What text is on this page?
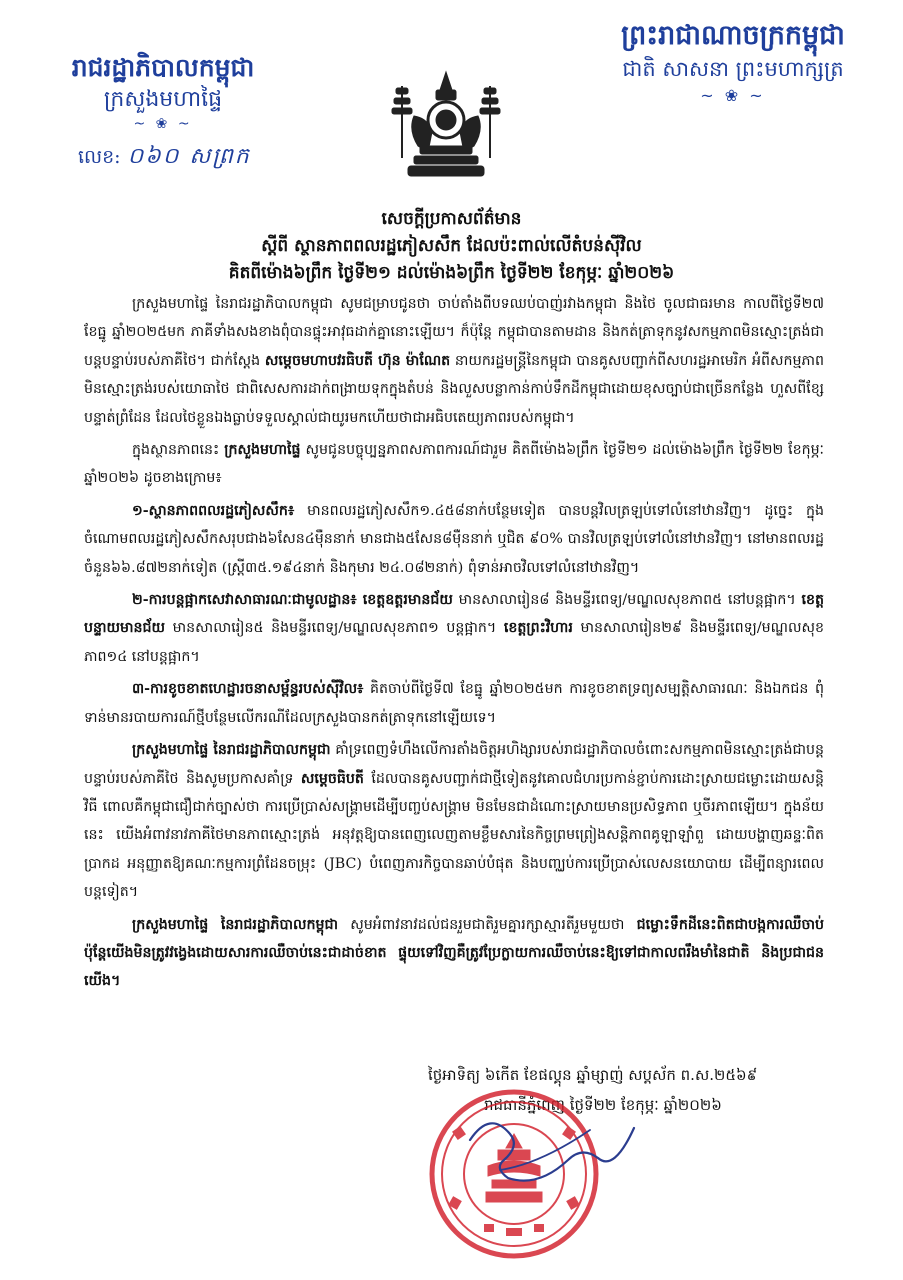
ព្រះរាជាណាចក្រកម្ពុជា
ជាតិ សាសនា ព្រះមហាក្សត្រ
~ ❀ ~
រាជរដ្ឋាភិបាលកម្ពុជា
ក្រសួងមហាផ្ទៃ
~ ❀ ~
លេខ: ០៦០ សព្រក
សេចក្តីប្រកាសព័ត៌មាន
ស្តីពី ស្ថានភាពពលរដ្ឋភៀសសឹក ដែលប៉ះពាល់លើតំបន់ស៊ីវិល
គិតពីម៉ោង៦ព្រឹក ថ្ងៃទី២១ ដល់ម៉ោង៦ព្រឹក ថ្ងៃទី២២ ខែកុម្ភៈ ឆ្នាំ២០២៦

ក្រសួងមហាផ្ទៃ នៃរាជរដ្ឋាភិបាលកម្ពុជា សូមជម្រាបជូនថា ចាប់តាំងពីបទឈប់បាញ់រវាងកម្ពុជា និងថៃ ចូលជាធរមាន កាលពីថ្ងៃទី២៧ ខែធ្នូ ឆ្នាំ២០២៥មក ភាគីទាំងសងខាងពុំបានផ្ទុះអាវុធដាក់គ្នានោះឡើយ។ ក៏ប៉ុន្តែ កម្ពុជាបានតាមដាន និងកត់ត្រាទុកនូវសកម្មភាពមិនស្មោះត្រង់ជាបន្តបន្ទាប់របស់ភាគីថៃ។ ជាក់ស្តែង សម្តេចមហាបវរធិបតី ហ៊ុន ម៉ាណែត នាយករដ្ឋមន្ត្រីនៃកម្ពុជា បានគូសបញ្ជាក់ពីសហរដ្ឋអាមេរិក អំពីសកម្មភាពមិនស្មោះត្រង់របស់យោធាថៃ ជាពិសេសការដាក់ពង្រាយទុកក្នុងតំបន់ និងលួសបន្លាកាន់កាប់ទឹកដីកម្ពុជាដោយខុសច្បាប់ជាច្រើនកន្លែង ហួសពីខ្សែបន្ទាត់ព្រំដែន ដែលថៃខ្លួនឯងធ្លាប់ទទួលស្គាល់ជាយូរមកហើយថាជាអធិបតេយ្យភាពរបស់កម្ពុជា។

ក្នុងស្ថានភាពនេះ ក្រសួងមហាផ្ទៃ សូមជូនបច្ចុប្បន្នភាពសភាពការណ៍ជារួម គិតពីម៉ោង៦ព្រឹក ថ្ងៃទី២១ ដល់ម៉ោង៦ព្រឹក ថ្ងៃទី២២ ខែកុម្ភៈ ឆ្នាំ២០២៦ ដូចខាងក្រោម៖

១-ស្ថានភាពពលរដ្ឋភៀសសឹក៖ មានពលរដ្ឋភៀសសឹក១.៤៥៨នាក់បន្ថែមទៀត បានបន្តវិលត្រឡប់ទៅលំនៅឋានវិញ។ ដូច្នេះ ក្នុងចំណោមពលរដ្ឋភៀសសឹកសរុបជាង៦សែន៤ម៉ឺននាក់ មានជាង៥សែន៨ម៉ឺននាក់ ឬជិត ៩០% បានវិលត្រឡប់ទៅលំនៅឋានវិញ។ នៅមានពលរដ្ឋចំនួន៦៦.៨៧២នាក់ទៀត (ស្ត្រី៣៥.១៩៤នាក់ និងកុមារ ២៤.០៨២នាក់) ពុំទាន់អាចវិលទៅលំនៅឋានវិញ។

២-ការបន្តផ្អាកសេវាសាធារណៈជាមូលដ្ឋាន៖ ខេត្តឧត្តរមានជ័យ មានសាលារៀន៨ និងមន្ទីរពេទ្យ/មណ្ឌលសុខភាព៥ នៅបន្តផ្អាក។ ខេត្តបន្ទាយមានជ័យ មានសាលារៀន៥ និងមន្ទីរពេទ្យ/មណ្ឌលសុខភាព១ បន្តផ្អាក។ ខេត្តព្រះវិហារ មានសាលារៀន២៩ និងមន្ទីរពេទ្យ/មណ្ឌលសុខភាព១៤ នៅបន្តផ្អាក។

៣-ការខូចខាតហេដ្ឋារចនាសម្ព័ន្ធរបស់ស៊ីវិល៖ គិតចាប់ពីថ្ងៃទី៧ ខែធ្នូ ឆ្នាំ២០២៥មក ការខូចខាតទ្រព្យសម្បត្តិសាធារណៈ និងឯកជន ពុំទាន់មានរបាយការណ៍ថ្មីបន្ថែមលើករណីដែលក្រសួងបានកត់ត្រាទុកនៅឡើយទេ។

ក្រសួងមហាផ្ទៃ នៃរាជរដ្ឋាភិបាលកម្ពុជា គាំទ្រពេញទំហឹងលើការតាំងចិត្តអហិង្សារបស់រាជរដ្ឋាភិបាលចំពោះសកម្មភាពមិនស្មោះត្រង់ជាបន្តបន្ទាប់របស់ភាគីថៃ និងសូមប្រកាសគាំទ្រ សម្តេចធិបតី ដែលបានគូសបញ្ជាក់ជាថ្មីទៀតនូវគោលជំហរប្រកាន់ខ្ជាប់ការដោះស្រាយជម្លោះដោយសន្តិវិធី ពោលគឺកម្ពុជាជឿជាក់ច្បាស់ថា ការប្រើប្រាស់សង្គ្រាមដើម្បីបញ្ចប់សង្គ្រាម មិនមែនជាដំណោះស្រាយមានប្រសិទ្ធភាព ឬចីរភាពឡើយ។ ក្នុងន័យនេះ យើងអំពាវនាវភាគីថៃមានភាពស្មោះត្រង់ អនុវត្តឱ្យបានពេញលេញតាមខ្លឹមសារនៃកិច្ចព្រមព្រៀងសន្តិភាពគូឡាឡាំពួ ដោយបង្ហាញឆន្ទៈពិតប្រាកដ អនុញ្ញាតឱ្យគណៈកម្មការព្រំដែនចម្រុះ (JBC) បំពេញភារកិច្ចបានឆាប់បំផុត និងបញ្ឈប់ការប្រើប្រាស់លេសនយោបាយ ដើម្បីពន្យារពេលបន្តទៀត។

ក្រសួងមហាផ្ទៃ នៃរាជរដ្ឋាភិបាលកម្ពុជា សូមអំពាវនាវដល់ជនរួមជាតិរួមគ្នារក្សាស្មារតីរួមមួយថា ជម្លោះទឹកដីនេះពិតជាបង្កការឈឺចាប់ ប៉ុន្តែយើងមិនត្រូវវង្វេងដោយសារការឈឺចាប់នេះជាដាច់ខាត ផ្ទុយទៅវិញគឺត្រូវប្រែក្លាយការឈឺចាប់នេះឱ្យទៅជាកាលពរឹងមាំនៃជាតិ និងប្រជាជនយើង។

ថ្ងៃអាទិត្យ ៦កើត ខែផល្គុន ឆ្នាំម្សាញ់ សប្តស័ក ព.ស.២៥៦៩
រាជធានីភ្នំពេញ ថ្ងៃទី២២ ខែកុម្ភៈ ឆ្នាំ២០២៦
